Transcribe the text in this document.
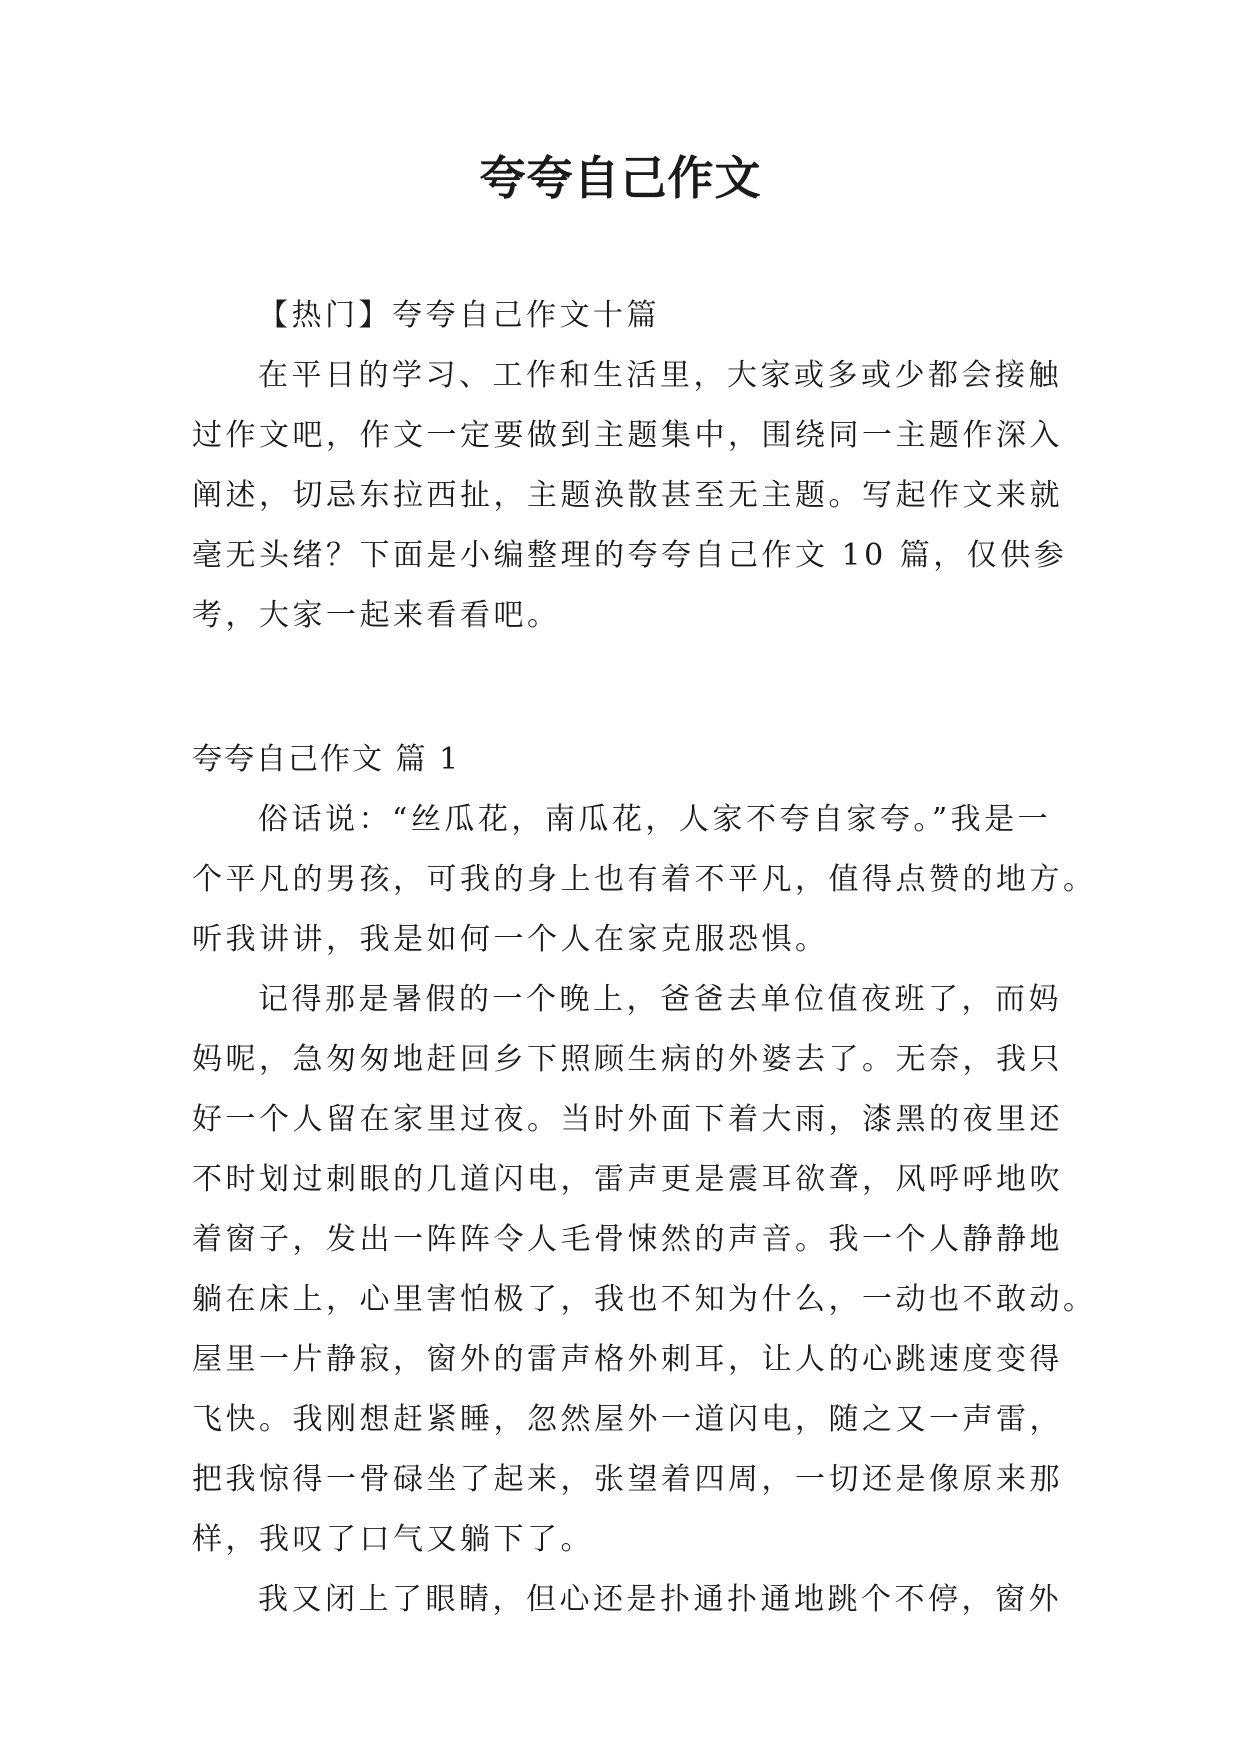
夸夸自己作文
【热门】夸夸自己作文十篇
在平日的学习、工作和生活里，大家或多或少都会接触
过作文吧，作文一定要做到主题集中，围绕同一主题作深入
阐述，切忌东拉西扯，主题涣散甚至无主题。写起作文来就
毫无头绪？下面是小编整理的夸夸自己作文 10 篇，仅供参
考，大家一起来看看吧。
夸夸自己作文 篇 1
俗话说：“丝瓜花，南瓜花，人家不夸自家夸。”我是一
个平凡的男孩，可我的身上也有着不平凡，值得点赞的地方。
听我讲讲，我是如何一个人在家克服恐惧。
记得那是暑假的一个晚上，爸爸去单位值夜班了，而妈
妈呢，急匆匆地赶回乡下照顾生病的外婆去了。无奈，我只
好一个人留在家里过夜。当时外面下着大雨，漆黑的夜里还
不时划过刺眼的几道闪电，雷声更是震耳欲聋，风呼呼地吹
着窗子，发出一阵阵令人毛骨悚然的声音。我一个人静静地
躺在床上，心里害怕极了，我也不知为什么，一动也不敢动。
屋里一片静寂，窗外的雷声格外刺耳，让人的心跳速度变得
飞快。我刚想赶紧睡，忽然屋外一道闪电，随之又一声雷，
把我惊得一骨碌坐了起来，张望着四周，一切还是像原来那
样，我叹了口气又躺下了。
我又闭上了眼睛，但心还是扑通扑通地跳个不停，窗外
